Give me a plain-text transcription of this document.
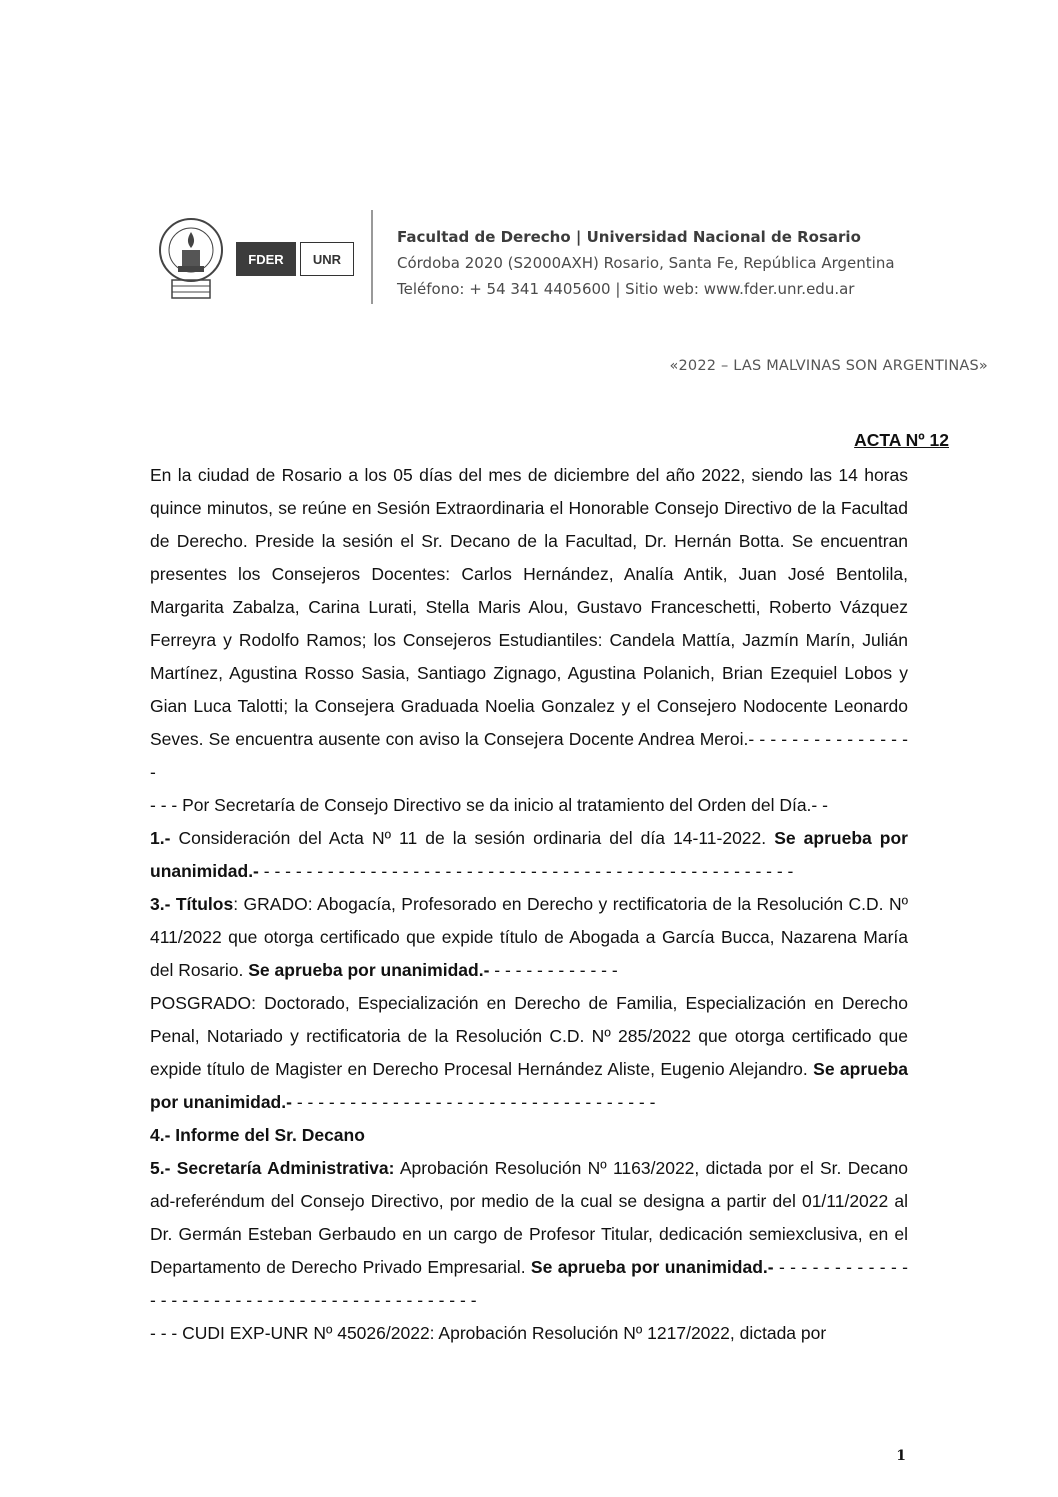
FDER	UNR
Facultad de Derecho | Universidad Nacional de Rosario
Córdoba 2020 (S2000AXH) Rosario, Santa Fe, República Argentina
Teléfono: + 54 341 4405600 | Sitio web: www.fder.unr.edu.ar
«2022 – LAS MALVINAS SON ARGENTINAS»
ACTA Nº 12

En la ciudad de Rosario a los 05 días del mes de diciembre del año 2022, siendo las 14 horas quince minutos, se reúne en Sesión Extraordinaria el Honorable Consejo Directivo de la Facultad de Derecho. Preside la sesión el Sr. Decano de la Facultad, Dr. Hernán Botta. Se encuentran presentes los Consejeros Docentes: Carlos Hernández, Analía Antik, Juan José Bentolila, Margarita Zabalza, Carina Lurati, Stella Maris Alou, Gustavo Franceschetti, Roberto Vázquez Ferreyra y Rodolfo Ramos; los Consejeros Estudiantiles: Candela Mattía, Jazmín Marín, Julián Martínez, Agustina Rosso Sasia, Santiago Zignago, Agustina Polanich, Brian Ezequiel Lobos y Gian Luca Talotti; la Consejera Graduada Noelia Gonzalez y el Consejero Nodocente Leonardo Seves. Se encuentra ausente con aviso la Consejera Docente Andrea Meroi.- - - - - - - - - - - - - - - -

- - - Por Secretaría de Consejo Directivo se da inicio al tratamiento del Orden del Día.- -

1.- Consideración del Acta Nº 11 de la sesión ordinaria del día 14-11-2022. Se aprueba por unanimidad.- - - - - - - - - - - - - - - - - - - - - - - - - - - - - - - - - - - - - - - - - - - - - - - - - - -

3.- Títulos: GRADO: Abogacía, Profesorado en Derecho y rectificatoria de la Resolución C.D. Nº 411/2022 que otorga certificado que expide título de Abogada a García Bucca, Nazarena María del Rosario. Se aprueba por unanimidad.- - - - - - - - - - - - -

POSGRADO: Doctorado, Especialización en Derecho de Familia, Especialización en Derecho Penal, Notariado y rectificatoria de la Resolución C.D. Nº 285/2022 que otorga certificado que expide título de Magister en Derecho Procesal Hernández Aliste, Eugenio Alejandro. Se aprueba por unanimidad.- - - - - - - - - - - - - - - - - - - - - - - - - - - - - - - - - - -

4.- Informe del Sr. Decano

5.- Secretaría Administrativa: Aprobación Resolución Nº 1163/2022, dictada por el Sr. Decano ad-referéndum del Consejo Directivo, por medio de la cual se designa a partir del 01/11/2022 al Dr. Germán Esteban Gerbaudo en un cargo de Profesor Titular, dedicación semiexclusiva, en el Departamento de Derecho Privado Empresarial. Se aprueba por unanimidad.- - - - - - - - - - - - - - - - - - - - - - - - - - - - - - - - - - - - - - - - - - - -

- - - CUDI EXP-UNR Nº 45026/2022: Aprobación Resolución Nº 1217/2022, dictada por

1
